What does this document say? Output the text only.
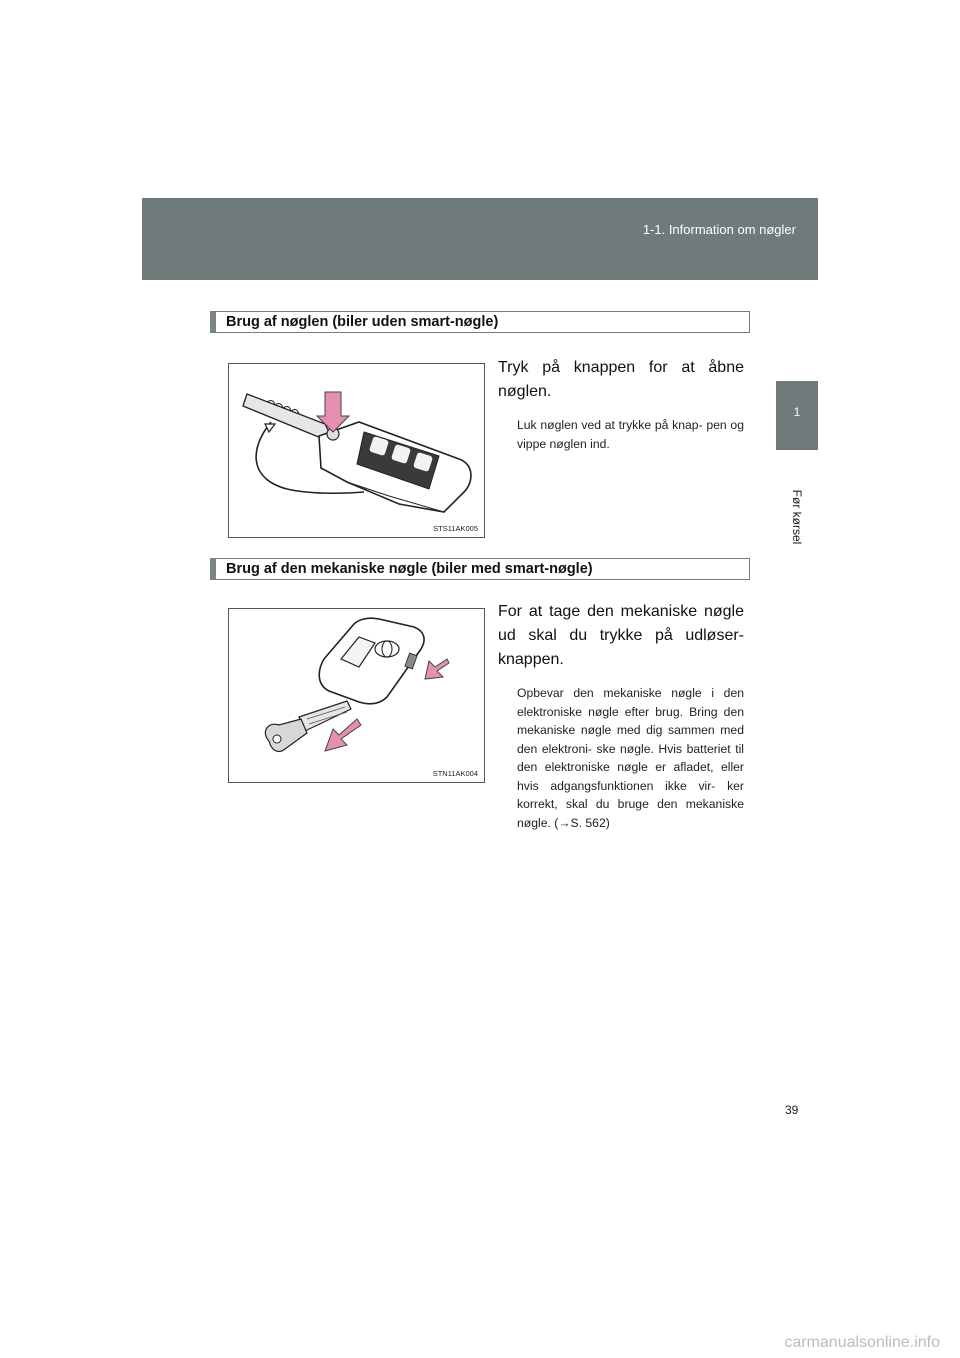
1-1. Information om nøgler
1
Før kørsel
Brug af nøglen (biler uden smart-nøgle)
STS11AK005
Tryk på knappen for at åbne nøglen.
Luk nøglen ved at trykke på knap- pen og vippe nøglen ind.
Brug af den mekaniske nøgle (biler med smart-nøgle)
STN11AK004
For at tage den mekaniske nøgle ud skal du trykke på udløser- knappen.
Opbevar den mekaniske nøgle i den elektroniske nøgle efter brug. Bring den mekaniske nøgle med dig sammen med den elektroni- ske nøgle. Hvis batteriet til den elektroniske nøgle er afladet, eller hvis adgangsfunktionen ikke vir- ker korrekt, skal du bruge den mekaniske nøgle. (→S. 562)
39
carmanualsonline.info
